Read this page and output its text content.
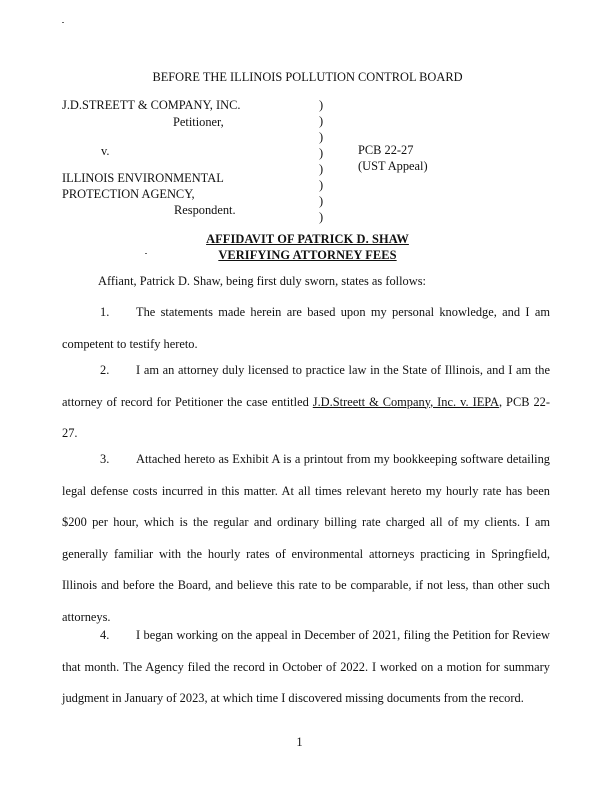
BEFORE THE ILLINOIS POLLUTION CONTROL BOARD
J.D.STREETT & COMPANY, INC.
Petitioner,
v.
ILLINOIS ENVIRONMENTAL
PROTECTION AGENCY,
Respondent.
)
)
)
)
)
)
)
)
PCB 22-27
(UST Appeal)
AFFIDAVIT OF PATRICK D. SHAW
VERIFYING ATTORNEY FEES
Affiant, Patrick D. Shaw, being first duly sworn, states as follows:
1. The statements made herein are based upon my personal knowledge, and I am competent to testify hereto.
2. I am an attorney duly licensed to practice law in the State of Illinois, and I am the attorney of record for Petitioner the case entitled J.D.Streett & Company, Inc. v. IEPA, PCB 22-27.
3. Attached hereto as Exhibit A is a printout from my bookkeeping software detailing legal defense costs incurred in this matter. At all times relevant hereto my hourly rate has been $200 per hour, which is the regular and ordinary billing rate charged all of my clients. I am generally familiar with the hourly rates of environmental attorneys practicing in Springfield, Illinois and before the Board, and believe this rate to be comparable, if not less, than other such attorneys.
4. I began working on the appeal in December of 2021, filing the Petition for Review that month. The Agency filed the record in October of 2022. I worked on a motion for summary judgment in January of 2023, at which time I discovered missing documents from the record.
1
